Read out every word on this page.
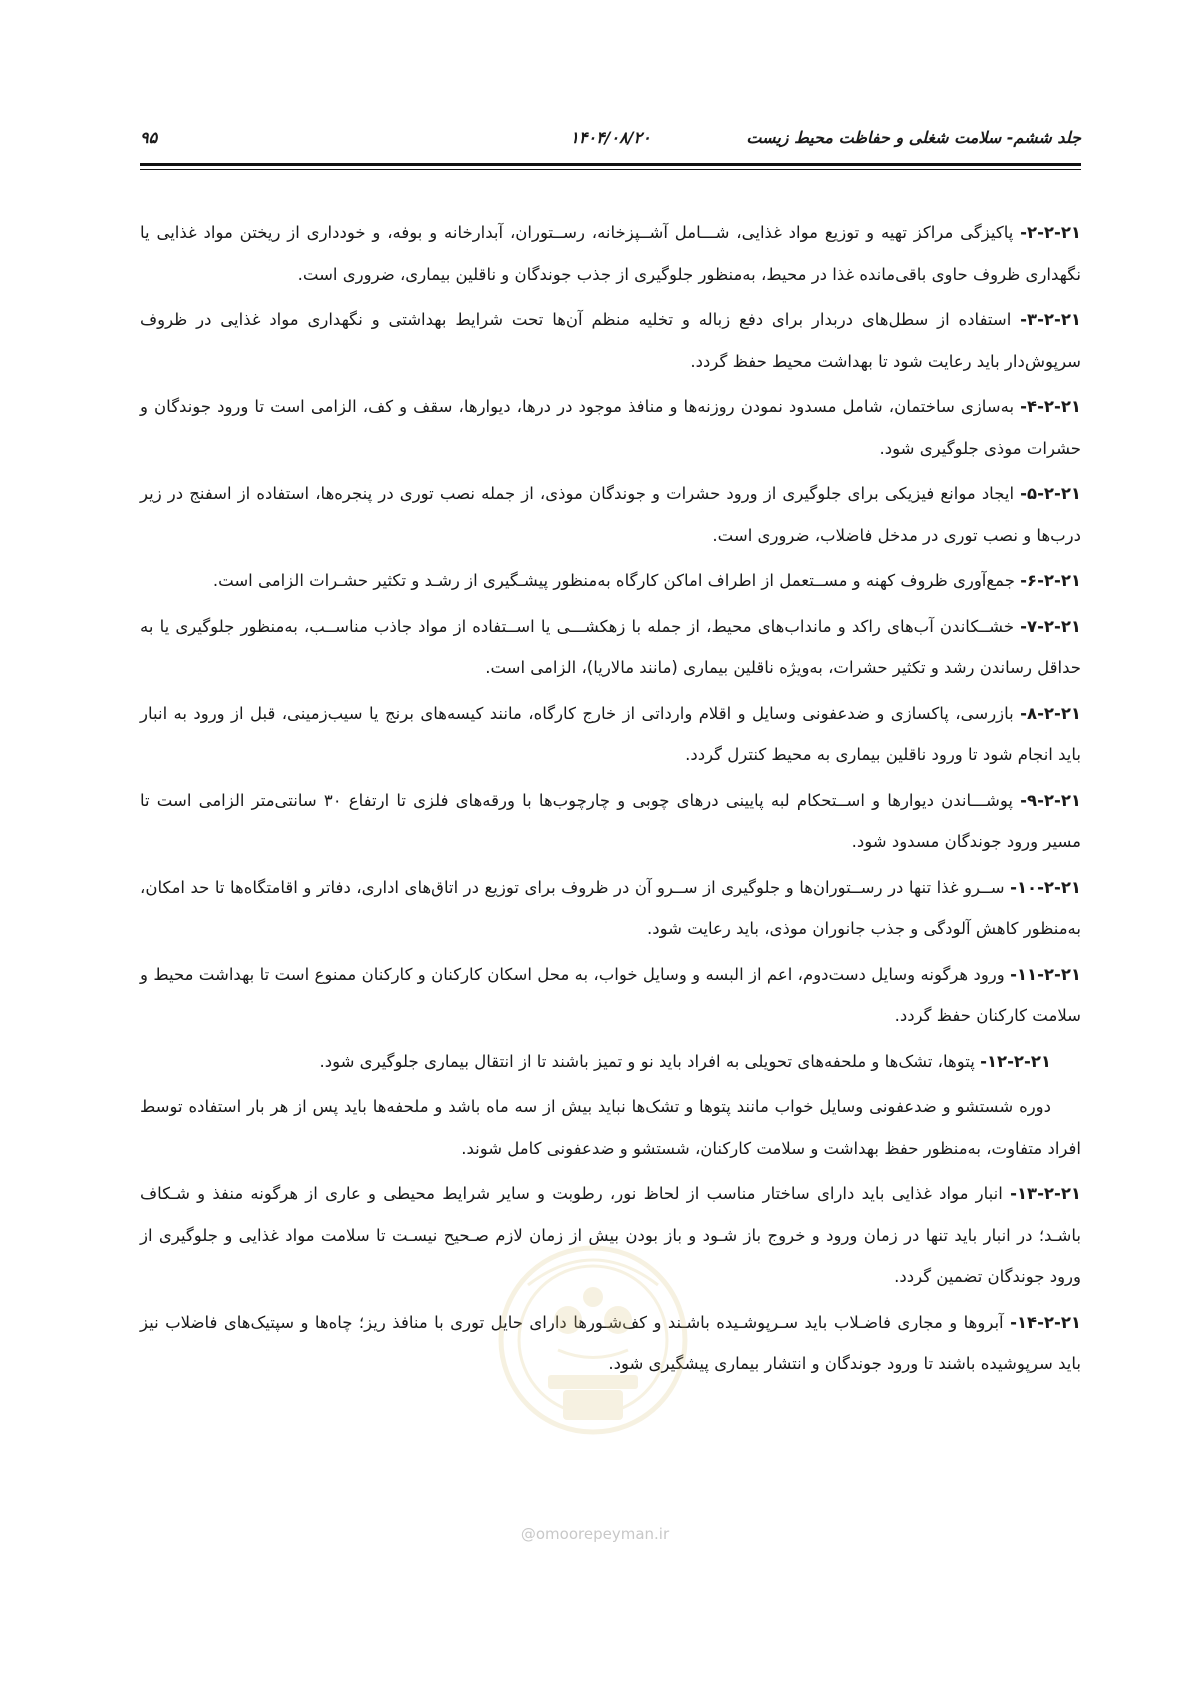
جلد ششم- سلامت شغلی و حفاظت محیط زیست
۱۴۰۴/۰۸/۲۰
۹۵

۲-۲-۲۱- پاکیزگی مراکز تهیه و توزیع مواد غذایی، شـــامل آشــپزخانه، رســتوران، آبدارخانه و بوفه، و خودداری از ریختن مواد غذایی یا نگهداری ظروف حاوی باقی‌مانده غذا در محیط، به‌منظور جلوگیری از جذب جوندگان و ناقلین بیماری، ضروری است.

۳-۲-۲۱- استفاده از سطل‌های دربدار برای دفع زباله و تخلیه منظم آن‌ها تحت شرایط بهداشتی و نگهداری مواد غذایی در ظروف سرپوش‌دار باید رعایت شود تا بهداشت محیط حفظ گردد.

۴-۲-۲۱- به‌سازی ساختمان، شامل مسدود نمودن روزنه‌ها و منافذ موجود در درها، دیوارها، سقف و کف، الزامی است تا ورود جوندگان و حشرات موذی جلوگیری شود.

۵-۲-۲۱- ایجاد موانع فیزیکی برای جلوگیری از ورود حشرات و جوندگان موذی، از جمله نصب توری در پنجره‌ها، استفاده از اسفنج در زیر درب‌ها و نصب توری در مدخل فاضلاب، ضروری است.

۶-۲-۲۱- جمع‌آوری ظروف کهنه و مســتعمل از اطراف اماکن کارگاه به‌منظور پیشـگیری از رشـد و تکثیر حشـرات الزامی است.

۷-۲-۲۱- خشــکاندن آب‌های راکد و مانداب‌های محیط، از جمله با زهکشـــی یا اســتفاده از مواد جاذب مناســب، به‌منظور جلوگیری یا به حداقل رساندن رشد و تکثیر حشرات، به‌ویژه ناقلین بیماری (مانند مالاریا)، الزامی است.

۸-۲-۲۱- بازرسی، پاکسازی و ضدعفونی وسایل و اقلام وارداتی از خارج کارگاه، مانند کیسه‌های برنج یا سیب‌زمینی، قبل از ورود به انبار باید انجام شود تا ورود ناقلین بیماری به محیط کنترل گردد.

۹-۲-۲۱- پوشـــاندن دیوارها و اســتحکام لبه پایینی درهای چوبی و چارچوب‌ها با ورقه‌های فلزی تا ارتفاع ۳۰ سانتی‌متر الزامی است تا مسیر ورود جوندگان مسدود شود.

۱۰-۲-۲۱- ســرو غذا تنها در رســتوران‌ها و جلوگیری از ســرو آن در ظروف برای توزیع در اتاق‌های اداری، دفاتر و اقامتگاه‌ها تا حد امکان، به‌منظور کاهش آلودگی و جذب جانوران موذی، باید رعایت شود.

۱۱-۲-۲۱- ورود هرگونه وسایل دست‌دوم، اعم از البسه و وسایل خواب، به محل اسکان کارکنان و کارکنان ممنوع است تا بهداشت محیط و سلامت کارکنان حفظ گردد.

۱۲-۲-۲۱- پتوها، تشک‌ها و ملحفه‌های تحویلی به افراد باید نو و تمیز باشند تا از انتقال بیماری جلوگیری شود.

دوره شستشو و ضدعفونی وسایل خواب مانند پتوها و تشک‌ها نباید بیش از سه ماه باشد و ملحفه‌ها باید پس از هر بار استفاده توسط افراد متفاوت، به‌منظور حفظ بهداشت و سلامت کارکنان، شستشو و ضدعفونی کامل شوند.

۱۳-۲-۲۱- انبار مواد غذایی باید دارای ساختار مناسب از لحاظ نور، رطوبت و سایر شرایط محیطی و عاری از هرگونه منفذ و شـکاف باشـد؛ در انبار باید تنها در زمان ورود و خروج باز شـود و باز بودن بیش از زمان لازم صـحیح نیسـت تا سلامت مواد غذایی و جلوگیری از ورود جوندگان تضمین گردد.

۱۴-۲-۲۱- آبروها و مجاری فاضـلاب باید سـرپوشـیده باشـند و کف‌شـورها دارای حایل توری با منافذ ریز؛ چاه‌ها و سپتیک‌های فاضلاب نیز باید سرپوشیده باشند تا ورود جوندگان و انتشار بیماری پیشگیری شود.

@omoorepeyman.ir
